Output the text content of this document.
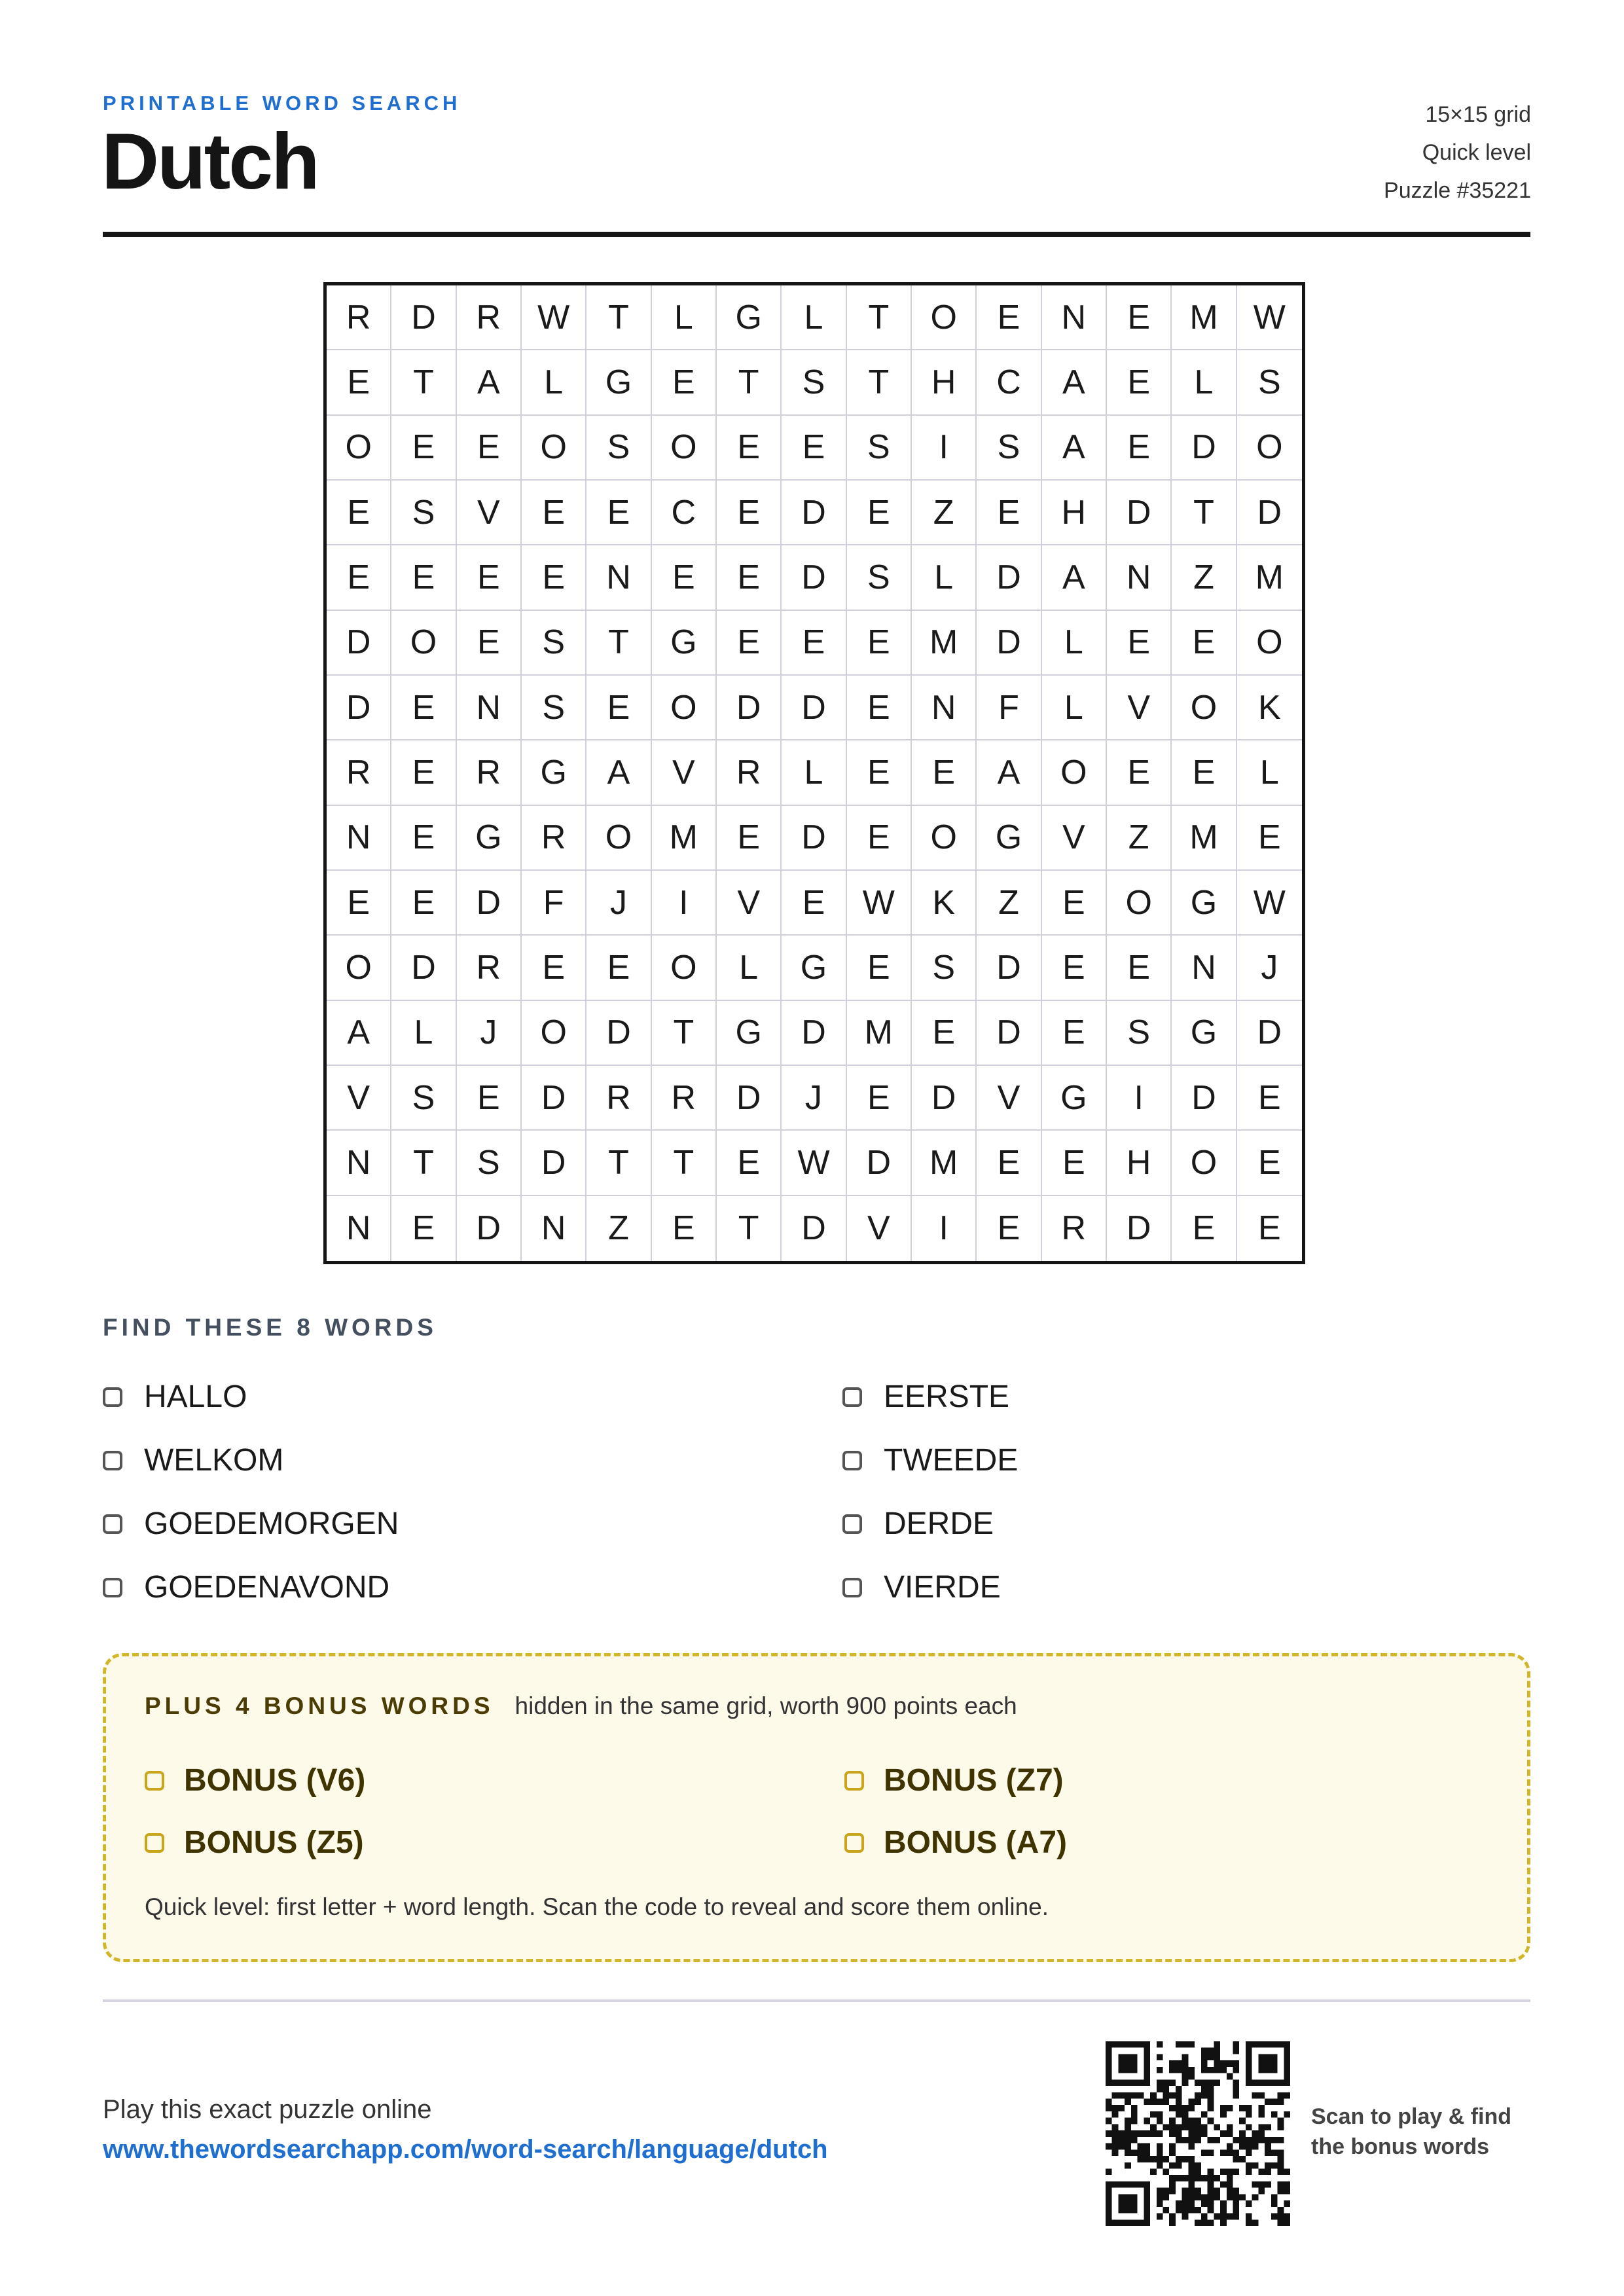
PRINTABLE WORD SEARCH
Dutch
15×15 grid
Quick level
Puzzle #35221
R	D	R	W	T	L	G	L	T	O	E	N	E	M	W
E	T	A	L	G	E	T	S	T	H	C	A	E	L	S
O	E	E	O	S	O	E	E	S	I	S	A	E	D	O
E	S	V	E	E	C	E	D	E	Z	E	H	D	T	D
E	E	E	E	N	E	E	D	S	L	D	A	N	Z	M
D	O	E	S	T	G	E	E	E	M	D	L	E	E	O
D	E	N	S	E	O	D	D	E	N	F	L	V	O	K
R	E	R	G	A	V	R	L	E	E	A	O	E	E	L
N	E	G	R	O	M	E	D	E	O	G	V	Z	M	E
E	E	D	F	J	I	V	E	W	K	Z	E	O	G	W
O	D	R	E	E	O	L	G	E	S	D	E	E	N	J
A	L	J	O	D	T	G	D	M	E	D	E	S	G	D
V	S	E	D	R	R	D	J	E	D	V	G	I	D	E
N	T	S	D	T	T	E	W	D	M	E	E	H	O	E
N	E	D	N	Z	E	T	D	V	I	E	R	D	E	E
FIND THESE 8 WORDS
HALLO	EERSTE
WELKOM	TWEEDE
GOEDEMORGEN	DERDE
GOEDENAVOND	VIERDE
PLUS 4 BONUS WORDS hidden in the same grid, worth 900 points each
BONUS (V6)	BONUS (Z7)
BONUS (Z5)	BONUS (A7)
Quick level: first letter + word length. Scan the code to reveal and score them online.
Play this exact puzzle online
www.thewordsearchapp.com/word-search/language/dutch
Scan to play & find the bonus words
